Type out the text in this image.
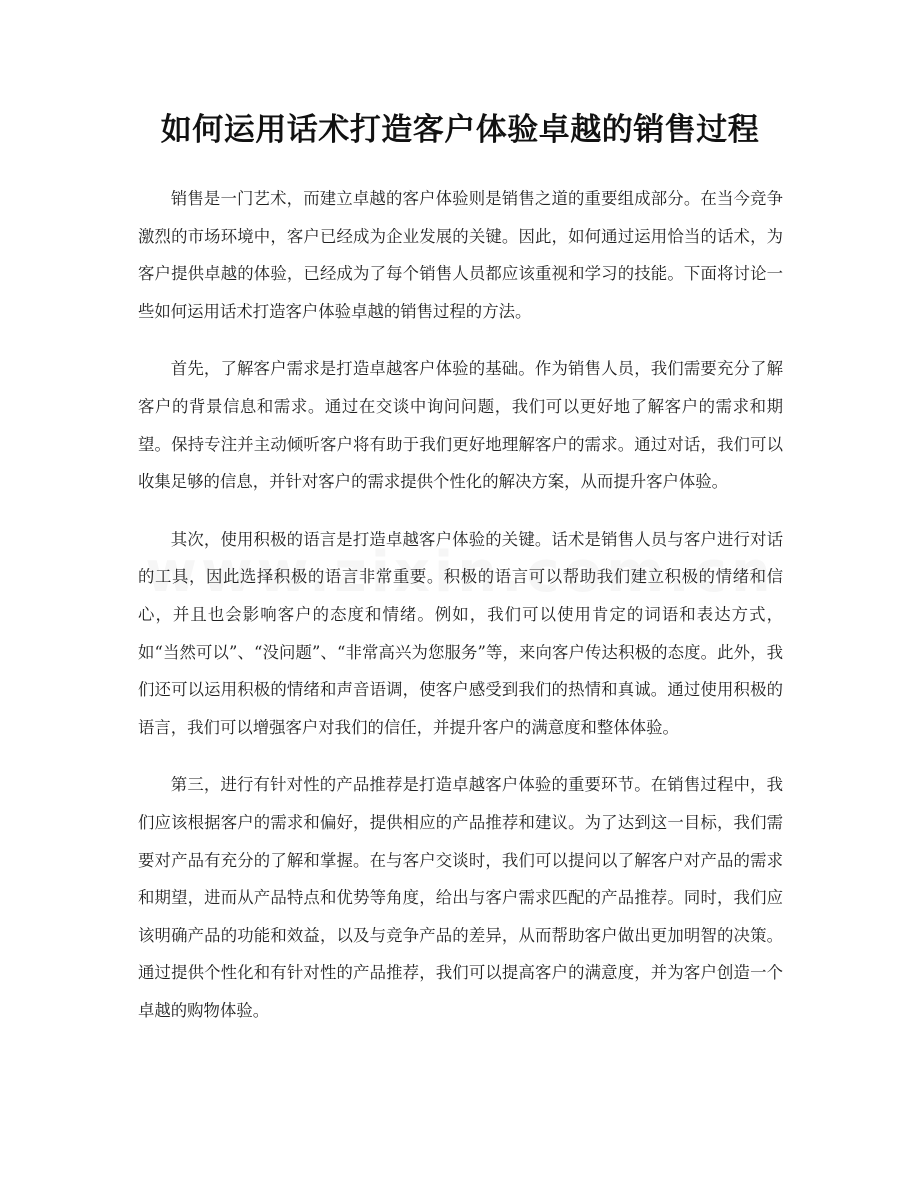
如何运用话术打造客户体验卓越的销售过程

销售是一门艺术，而建立卓越的客户体验则是销售之道的重要组成部分。在当今竞争激烈的市场环境中，客户已经成为企业发展的关键。因此，如何通过运用恰当的话术，为客户提供卓越的体验，已经成为了每个销售人员都应该重视和学习的技能。下面将讨论一些如何运用话术打造客户体验卓越的销售过程的方法。

首先，了解客户需求是打造卓越客户体验的基础。作为销售人员，我们需要充分了解客户的背景信息和需求。通过在交谈中询问问题，我们可以更好地了解客户的需求和期望。保持专注并主动倾听客户将有助于我们更好地理解客户的需求。通过对话，我们可以收集足够的信息，并针对客户的需求提供个性化的解决方案，从而提升客户体验。

其次，使用积极的语言是打造卓越客户体验的关键。话术是销售人员与客户进行对话的工具，因此选择积极的语言非常重要。积极的语言可以帮助我们建立积极的情绪和信心，并且也会影响客户的态度和情绪。例如，我们可以使用肯定的词语和表达方式，如“当然可以”、“没问题”、“非常高兴为您服务”等，来向客户传达积极的态度。此外，我们还可以运用积极的情绪和声音语调，使客户感受到我们的热情和真诚。通过使用积极的语言，我们可以增强客户对我们的信任，并提升客户的满意度和整体体验。

第三，进行有针对性的产品推荐是打造卓越客户体验的重要环节。在销售过程中，我们应该根据客户的需求和偏好，提供相应的产品推荐和建议。为了达到这一目标，我们需要对产品有充分的了解和掌握。在与客户交谈时，我们可以提问以了解客户对产品的需求和期望，进而从产品特点和优势等角度，给出与客户需求匹配的产品推荐。同时，我们应该明确产品的功能和效益，以及与竞争产品的差异，从而帮助客户做出更加明智的决策。通过提供个性化和有针对性的产品推荐，我们可以提高客户的满意度，并为客户创造一个卓越的购物体验。
